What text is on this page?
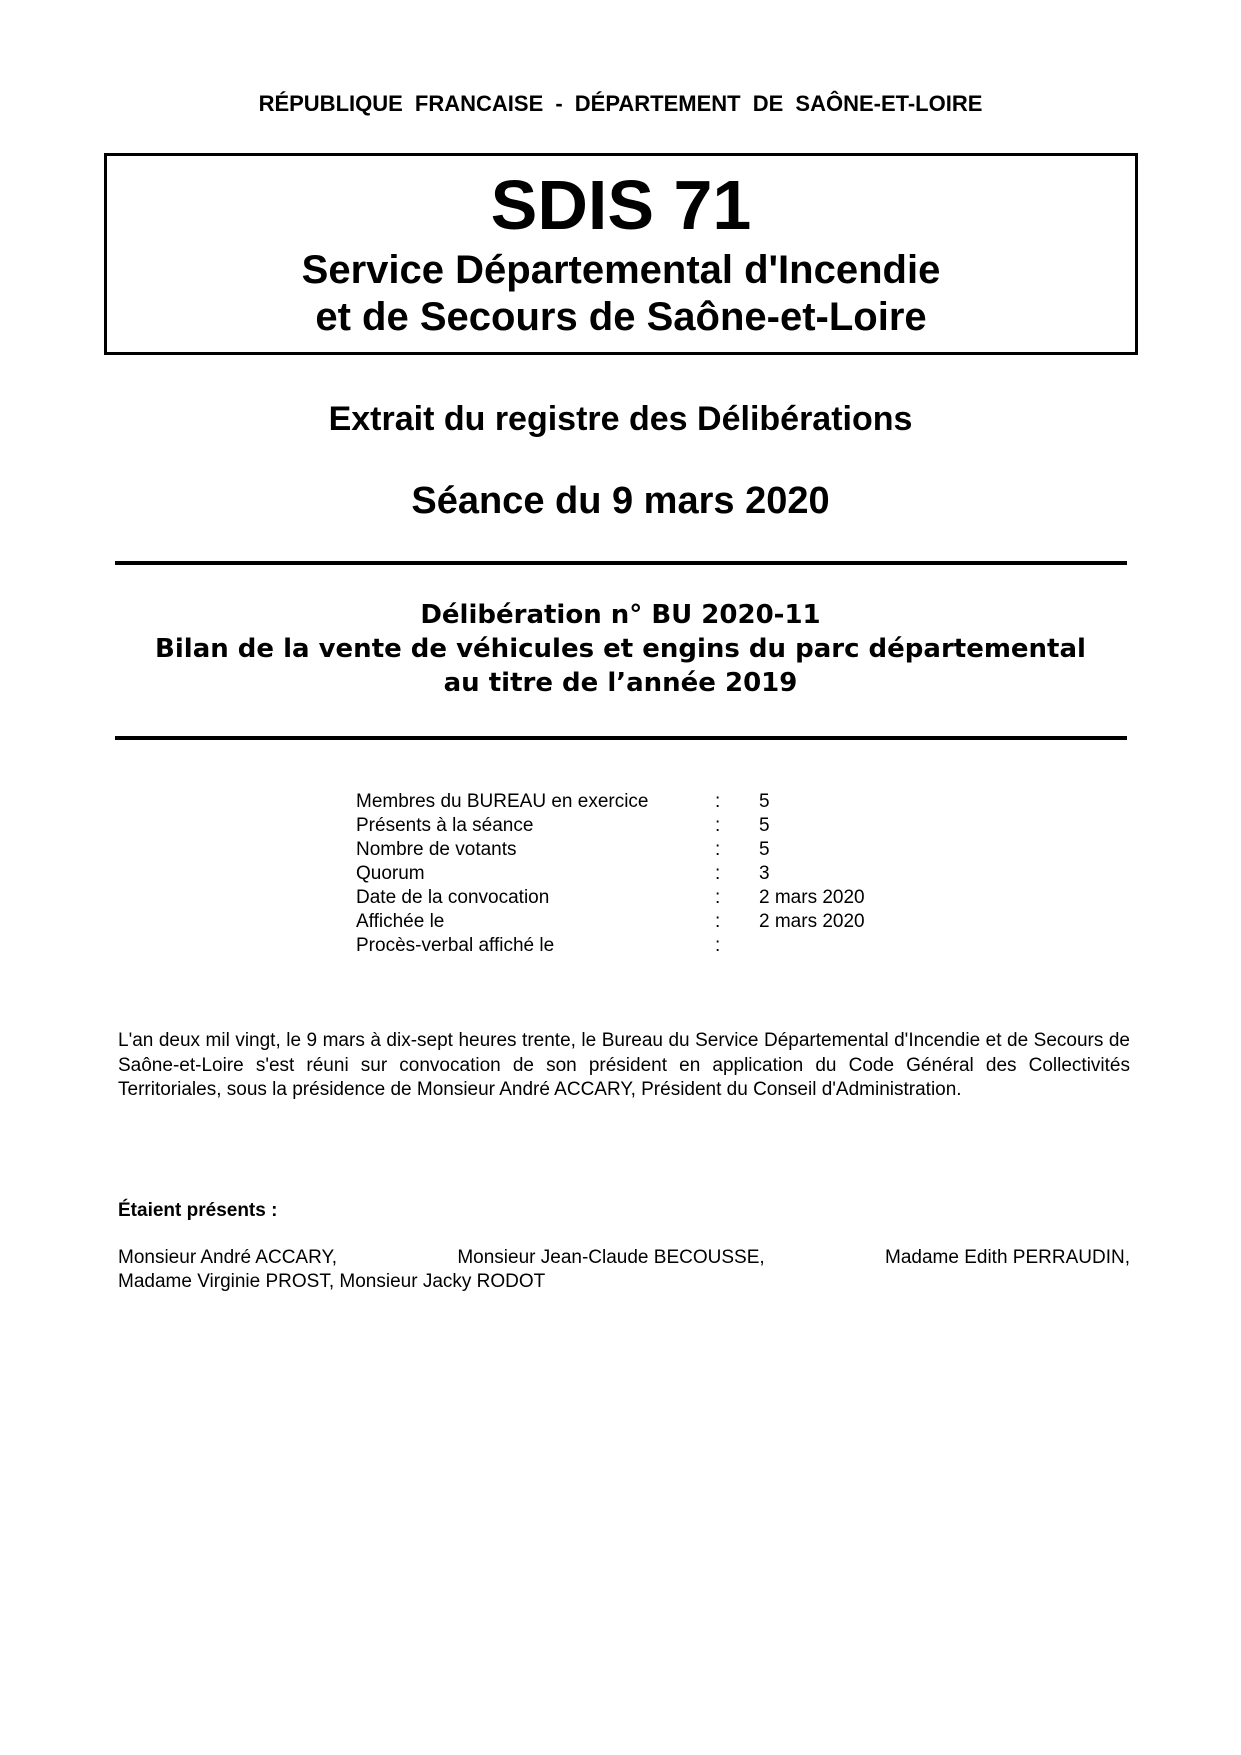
RÉPUBLIQUE FRANCAISE - DÉPARTEMENT DE SAÔNE-ET-LOIRE
SDIS 71
Service Départemental d'Incendie
et de Secours de Saône-et-Loire
Extrait du registre des Délibérations
Séance du 9 mars 2020
Délibération n° BU 2020-11
Bilan de la vente de véhicules et engins du parc départemental
au titre de l’année 2019
Membres du BUREAU en exercice	:	5
Présents à la séance	:	5
Nombre de votants	:	5
Quorum	:	3
Date de la convocation	:	2 mars 2020
Affichée le	:	2 mars 2020
Procès-verbal affiché le	:	

L'an deux mil vingt, le 9 mars à dix-sept heures trente, le Bureau du Service Départemental d'Incendie et de Secours de Saône-et-Loire s'est réuni sur convocation de son président en application du Code Général des Collectivités Territoriales, sous la présidence de Monsieur André ACCARY, Président du Conseil d'Administration.

Étaient présents :
Monsieur André ACCARY,	Monsieur Jean-Claude BECOUSSE,	Madame Edith PERRAUDIN,
Madame Virginie PROST, Monsieur Jacky RODOT
